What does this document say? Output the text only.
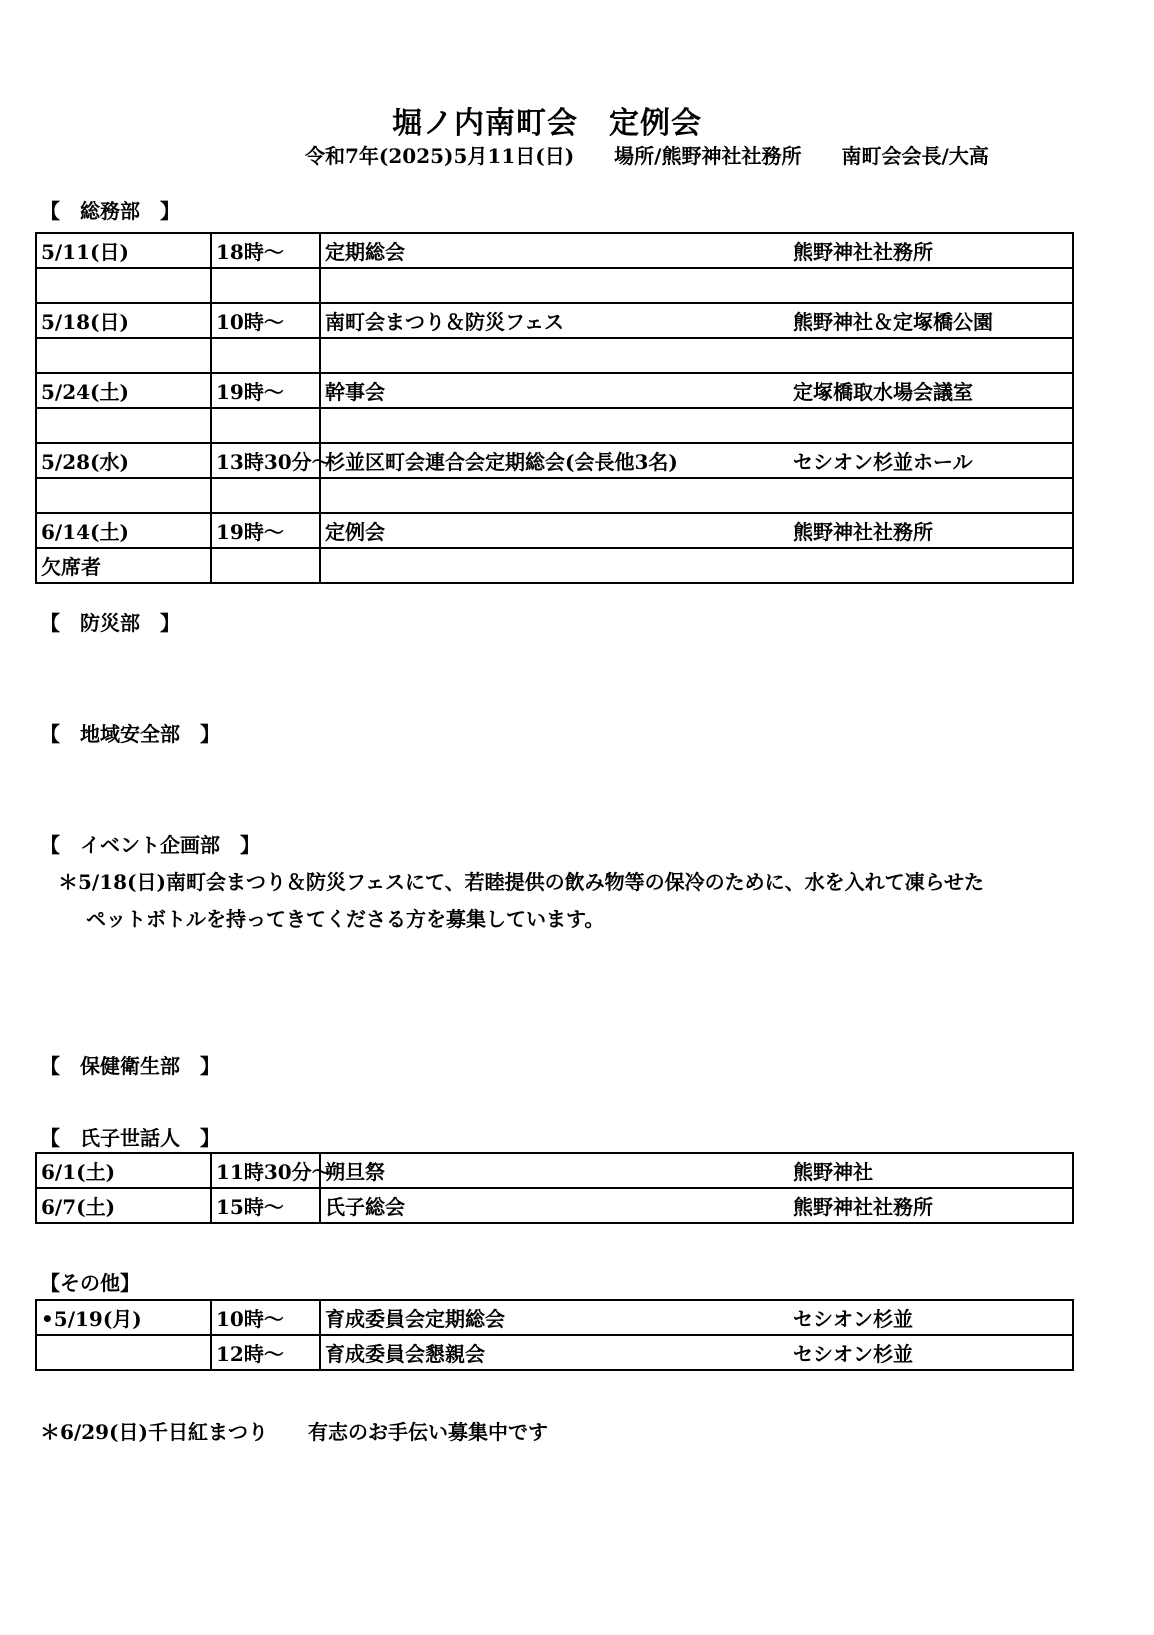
堀ノ内南町会　定例会
令和7年(2025)5月11日(日)　　場所/熊野神社社務所　　南町会会長/大高
【　総務部　】
5/11(日)	18時～	定期総会	熊野神社社務所

5/18(日)	10時～	南町会まつり＆防災フェス	熊野神社＆定塚橋公園

5/24(土)	19時～	幹事会	定塚橋取水場会議室

5/28(水)	13時30分～	杉並区町会連合会定期総会(会長他3名)	セシオン杉並ホール

6/14(土)	19時～	定例会	熊野神社社務所
欠席者			
【　防災部　】
【　地域安全部　】
【　イベント企画部　】
＊5/18(日)南町会まつり＆防災フェスにて、若睦提供の飲み物等の保冷のために、水を入れて凍らせた
ペットボトルを持ってきてくださる方を募集しています。
【　保健衛生部　】
【　氏子世話人　】
6/1(土)	11時30分～	朔旦祭	熊野神社
6/7(土)	15時～	氏子総会	熊野神社社務所
【その他】
•5/19(月)	10時～	育成委員会定期総会	セシオン杉並
	12時～	育成委員会懇親会	セシオン杉並
＊6/29(日)千日紅まつり　　有志のお手伝い募集中です
